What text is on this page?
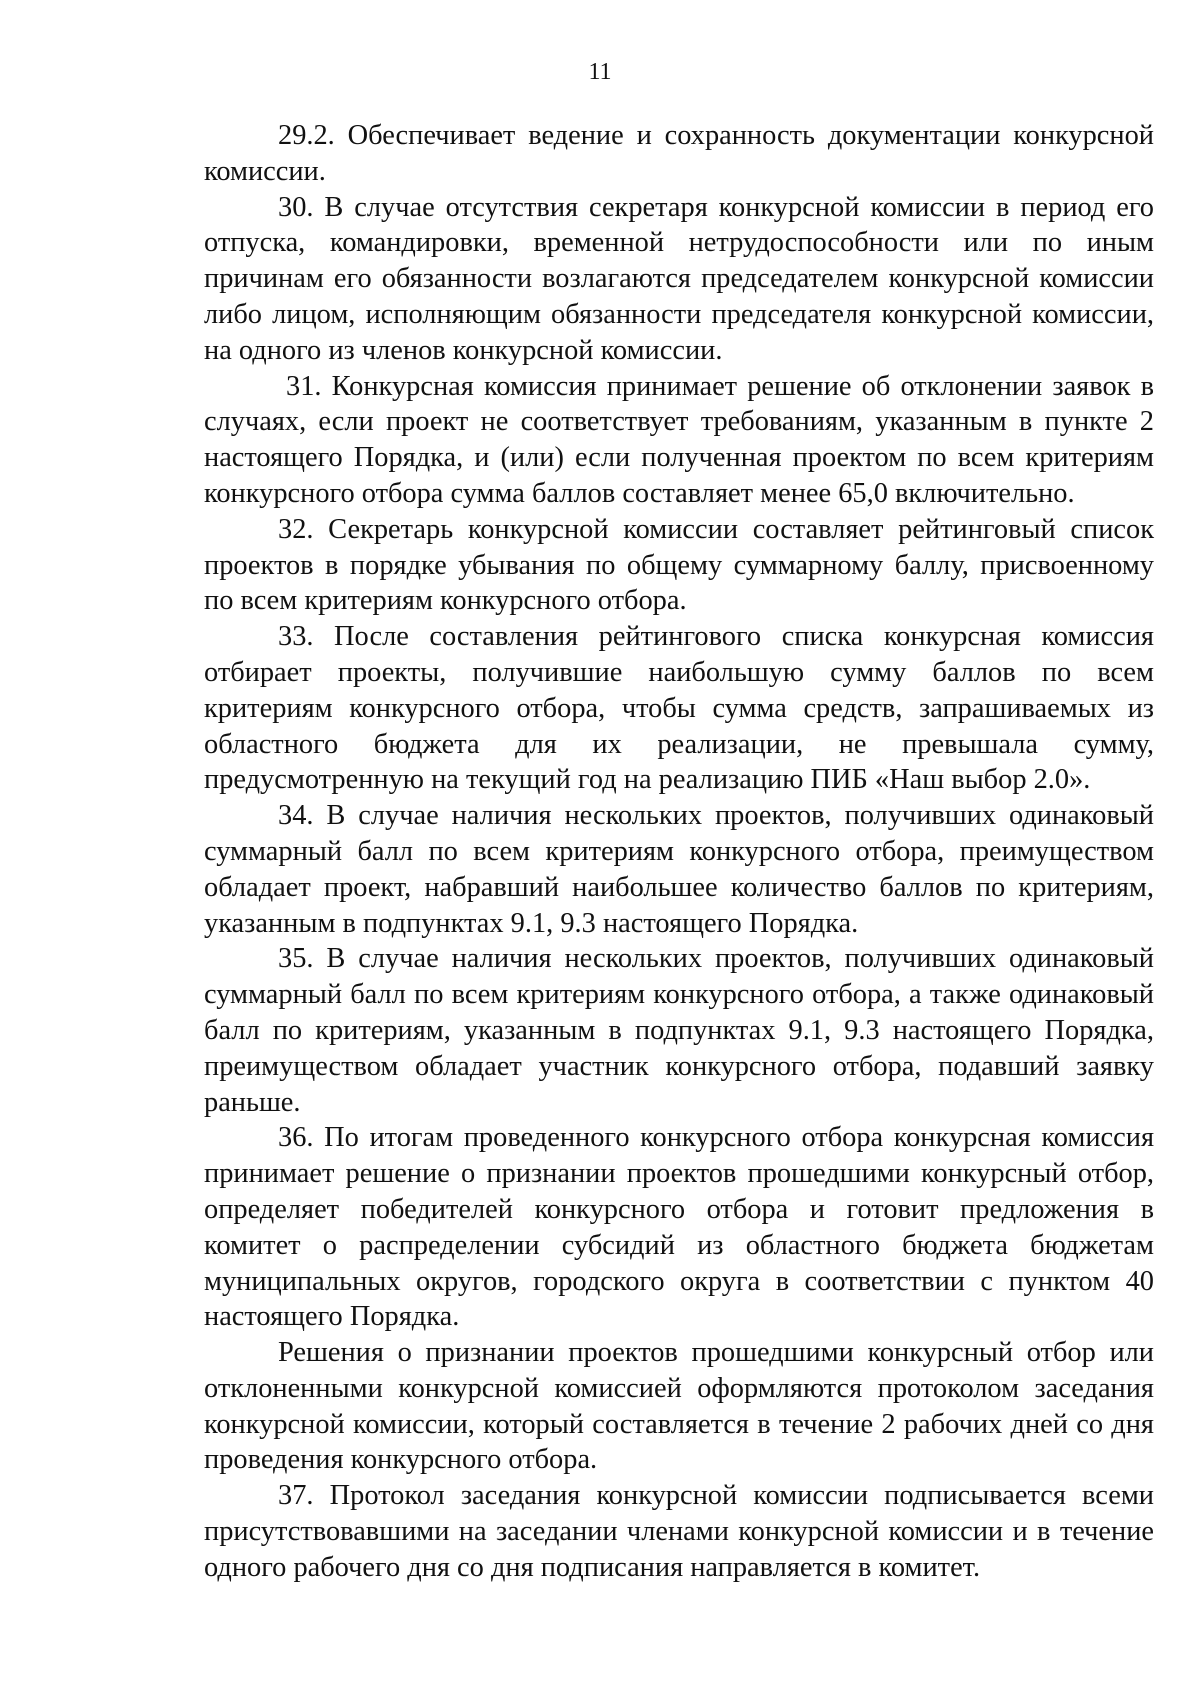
11

29.2. Обеспечивает ведение и сохранность документации конкурсной комиссии.

30. В случае отсутствия секретаря конкурсной комиссии в период его отпуска, командировки, временной нетрудоспособности или по иным причинам его обязанности возлагаются председателем конкурсной комиссии либо лицом, исполняющим обязанности председателя конкурсной комиссии, на одного из членов конкурсной комиссии.

31. Конкурсная комиссия принимает решение об отклонении заявок в случаях, если проект не соответствует требованиям, указанным в пункте 2 настоящего Порядка, и (или) если полученная проектом по всем критериям конкурсного отбора сумма баллов составляет менее 65,0 включительно.

32. Секретарь конкурсной комиссии составляет рейтинговый список проектов в порядке убывания по общему суммарному баллу, присвоенному по всем критериям конкурсного отбора.

33. После составления рейтингового списка конкурсная комиссия отбирает проекты, получившие наибольшую сумму баллов по всем критериям конкурсного отбора, чтобы сумма средств, запрашиваемых из областного бюджета для их реализации, не превышала сумму, предусмотренную на текущий год на реализацию ПИБ «Наш выбор 2.0».

34. В случае наличия нескольких проектов, получивших одинаковый суммарный балл по всем критериям конкурсного отбора, преимуществом обладает проект, набравший наибольшее количество баллов по критериям, указанным в подпунктах 9.1, 9.3 настоящего Порядка.

35. В случае наличия нескольких проектов, получивших одинаковый суммарный балл по всем критериям конкурсного отбора, а также одинаковый балл по критериям, указанным в подпунктах 9.1, 9.3 настоящего Порядка, преимуществом обладает участник конкурсного отбора, подавший заявку раньше.

36. По итогам проведенного конкурсного отбора конкурсная комиссия принимает решение о признании проектов прошедшими конкурсный отбор, определяет победителей конкурсного отбора и готовит предложения в комитет о распределении субсидий из областного бюджета бюджетам муниципальных округов, городского округа в соответствии с пунктом 40 настоящего Порядка.

Решения о признании проектов прошедшими конкурсный отбор или отклоненными конкурсной комиссией оформляются протоколом заседания конкурсной комиссии, который составляется в течение 2 рабочих дней со дня проведения конкурсного отбора.

37. Протокол заседания конкурсной комиссии подписывается всеми присутствовавшими на заседании членами конкурсной комиссии и в течение одного рабочего дня со дня подписания направляется в комитет.
